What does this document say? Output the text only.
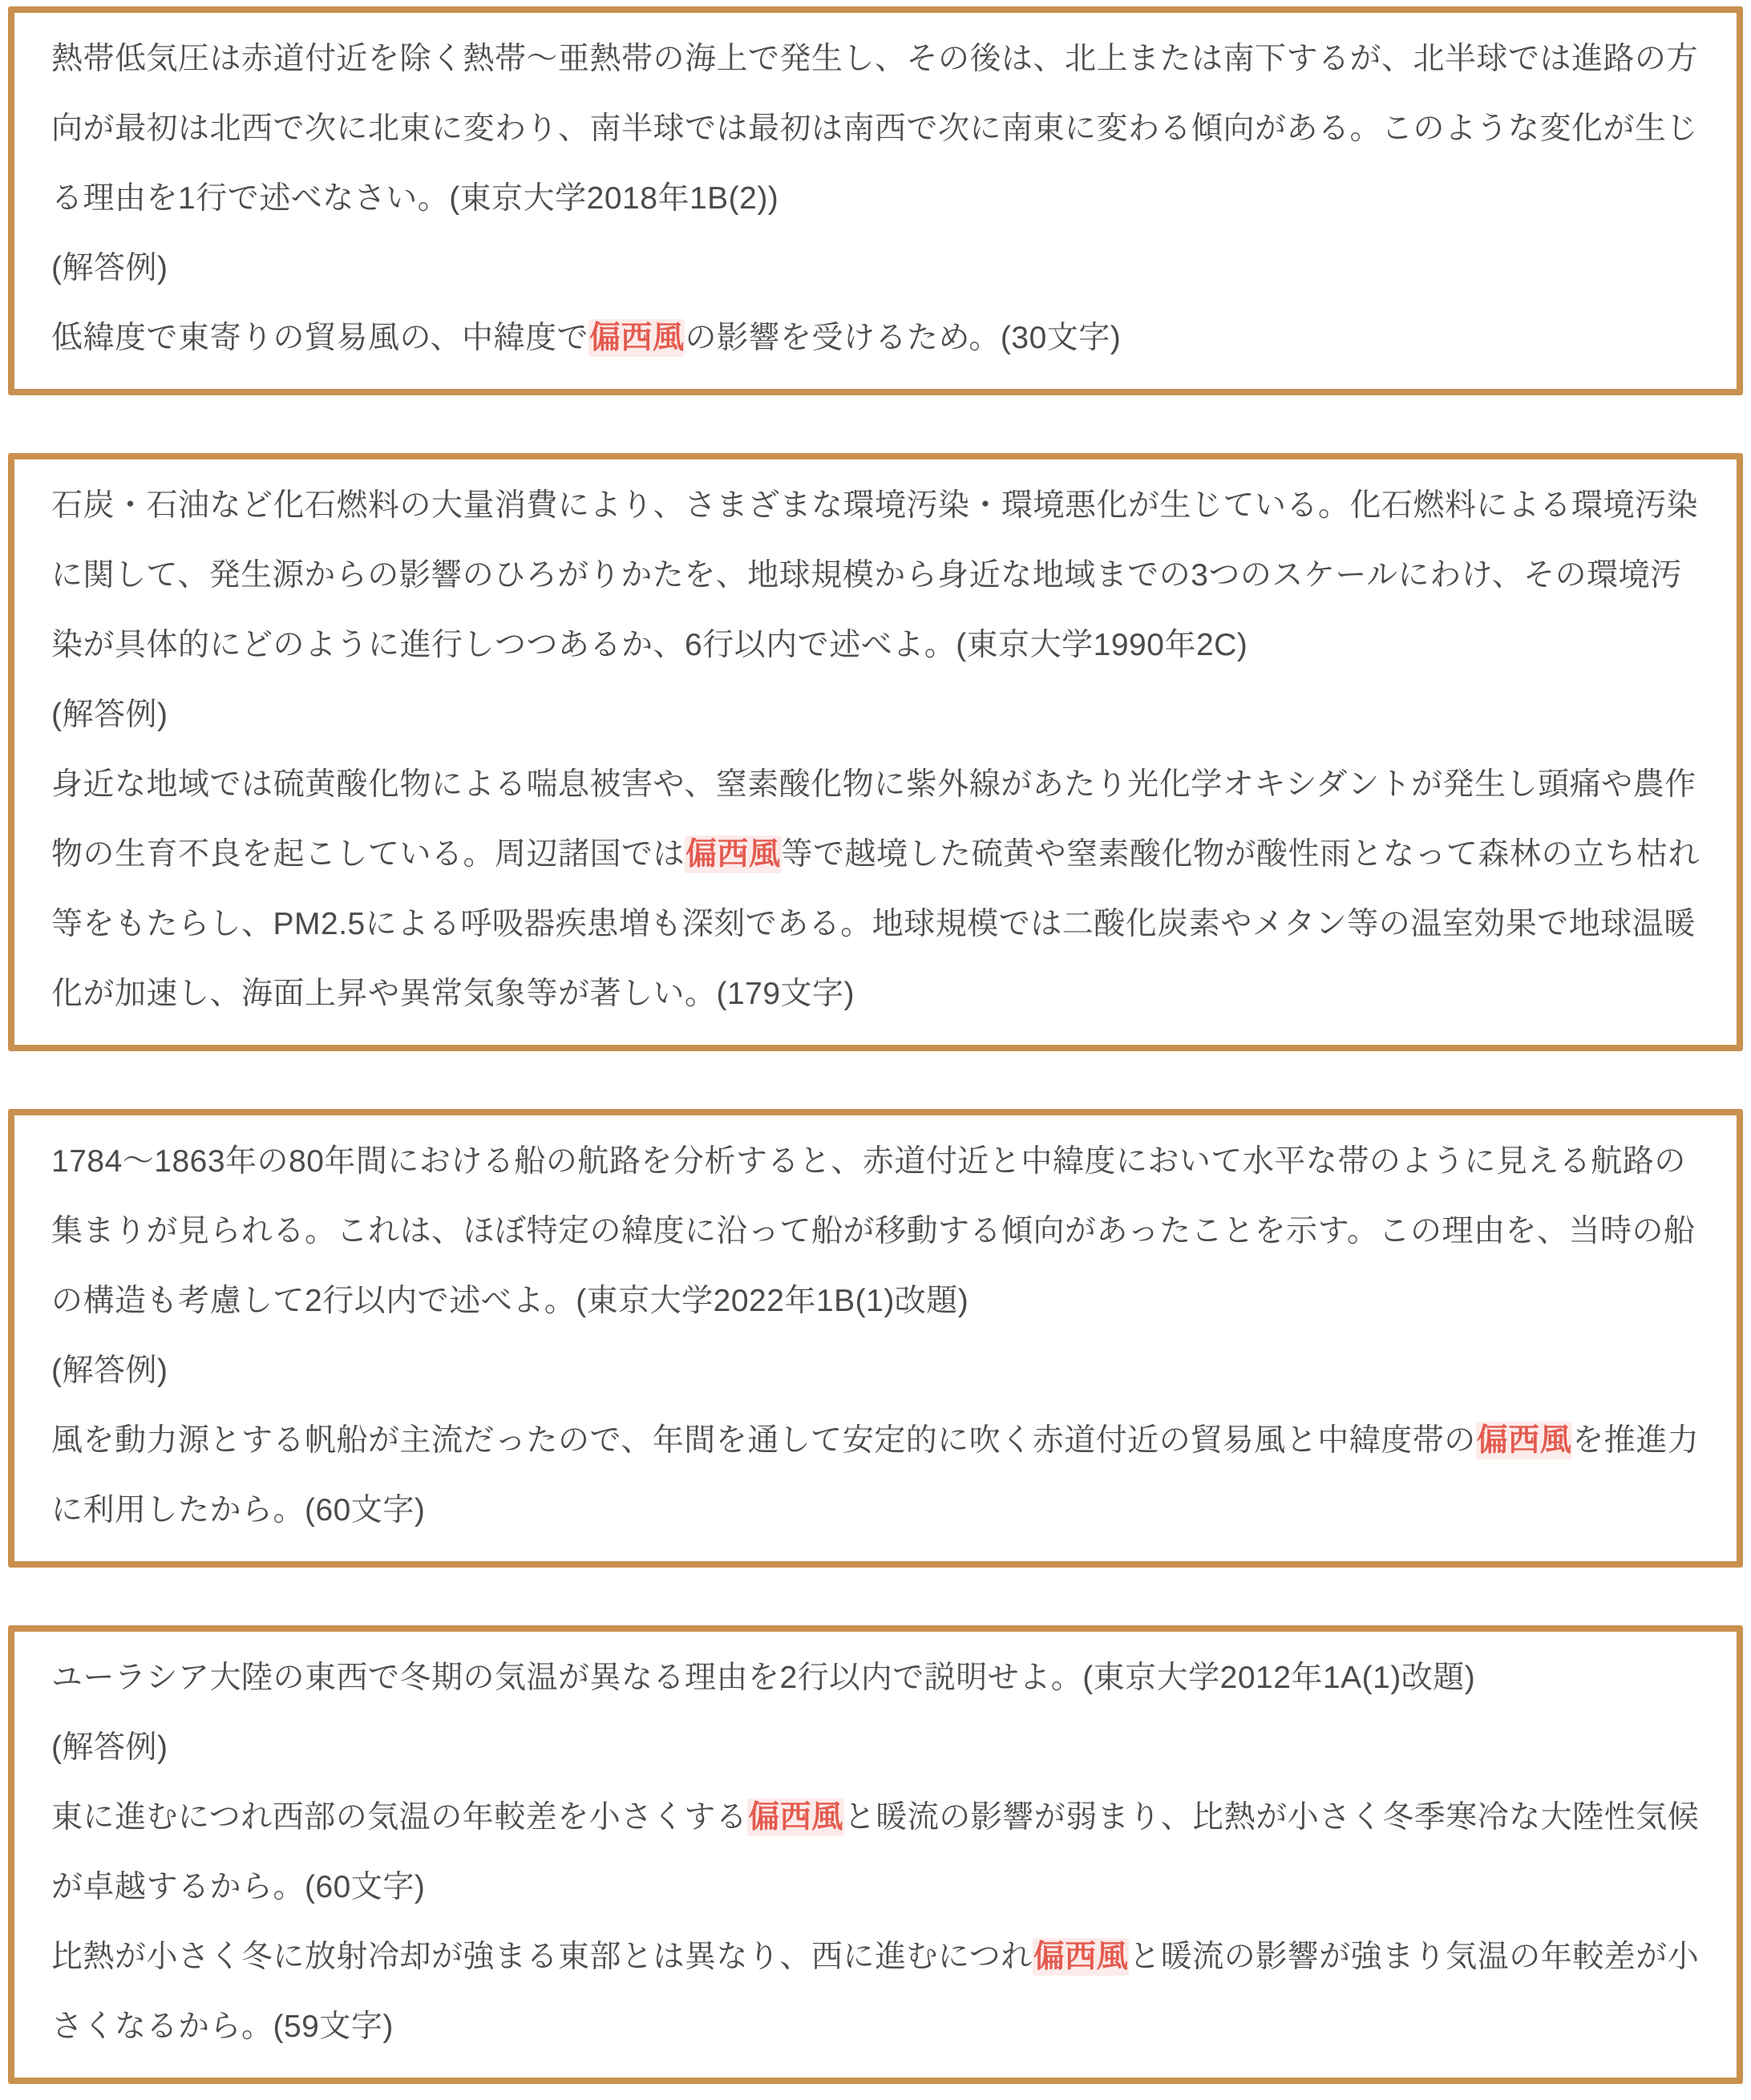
熱帯低気圧は赤道付近を除く熱帯〜亜熱帯の海上で発生し、その後は、北上または南下するが、北半球では進路の方向が最初は北西で次に北東に変わり、南半球では最初は南西で次に南東に変わる傾向がある。このような変化が生じる理由を1行で述べなさい。(東京大学2018年1B(2))

(解答例)

低緯度で東寄りの貿易風の、中緯度で偏西風の影響を受けるため。(30文字)

石炭・石油など化石燃料の大量消費により、さまざまな環境汚染・環境悪化が生じている。化石燃料による環境汚染に関して、発生源からの影響のひろがりかたを、地球規模から身近な地域までの3つのスケールにわけ、その環境汚染が具体的にどのように進行しつつあるか、6行以内で述べよ。(東京大学1990年2C)

(解答例)

身近な地域では硫黄酸化物による喘息被害や、窒素酸化物に紫外線があたり光化学オキシダントが発生し頭痛や農作物の生育不良を起こしている。周辺諸国では偏西風等で越境した硫黄や窒素酸化物が酸性雨となって森林の立ち枯れ等をもたらし、PM2.5による呼吸器疾患増も深刻である。地球規模では二酸化炭素やメタン等の温室効果で地球温暖化が加速し、海面上昇や異常気象等が著しい。(179文字)

1784〜1863年の80年間における船の航路を分析すると、赤道付近と中緯度において水平な帯のように見える航路の集まりが見られる。これは、ほぼ特定の緯度に沿って船が移動する傾向があったことを示す。この理由を、当時の船の構造も考慮して2行以内で述べよ。(東京大学2022年1B(1)改題)

(解答例)

風を動力源とする帆船が主流だったので、年間を通して安定的に吹く赤道付近の貿易風と中緯度帯の偏西風を推進力に利用したから。(60文字)

ユーラシア大陸の東西で冬期の気温が異なる理由を2行以内で説明せよ。(東京大学2012年1A(1)改題)

(解答例)

東に進むにつれ西部の気温の年較差を小さくする偏西風と暖流の影響が弱まり、比熱が小さく冬季寒冷な大陸性気候が卓越するから。(60文字)

比熱が小さく冬に放射冷却が強まる東部とは異なり、西に進むにつれ偏西風と暖流の影響が強まり気温の年較差が小さくなるから。(59文字)
